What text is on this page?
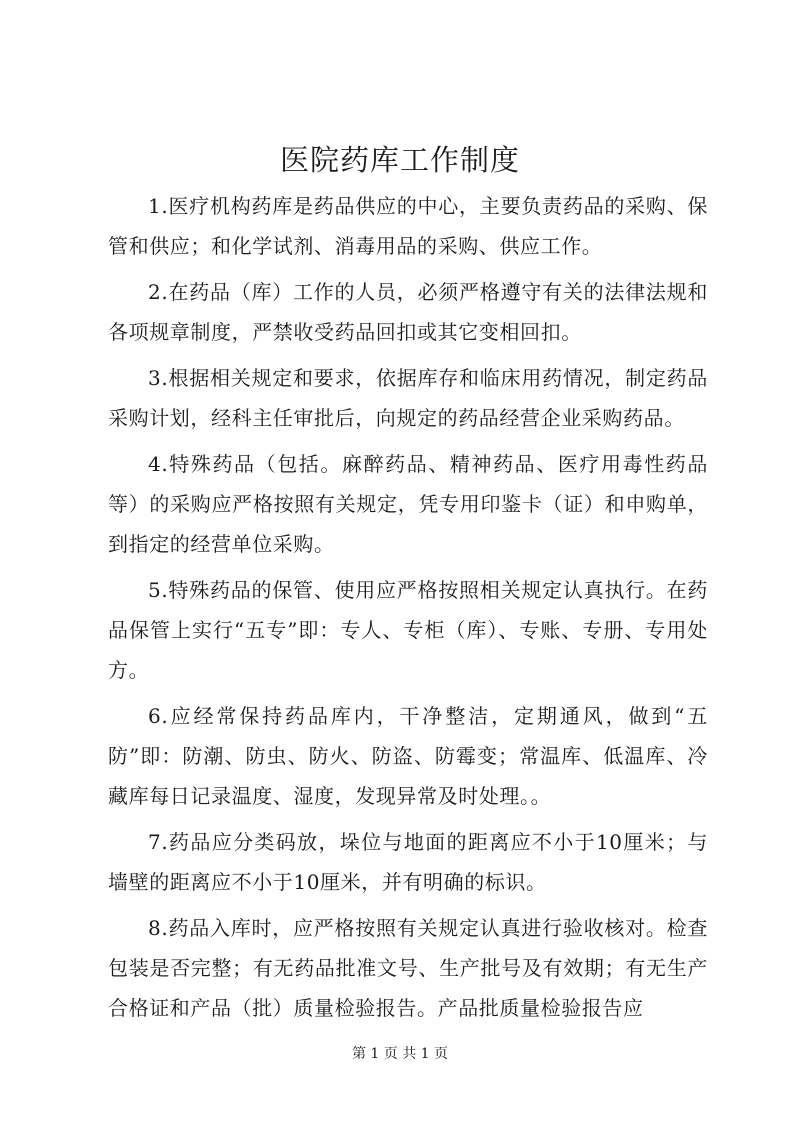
医院药库工作制度

1.医疗机构药库是药品供应的中心，主要负责药品的采购、保管和供应；和化学试剂、消毒用品的采购、供应工作。

2.在药品（库）工作的人员，必须严格遵守有关的法律法规和各项规章制度，严禁收受药品回扣或其它变相回扣。

3.根据相关规定和要求，依据库存和临床用药情况，制定药品采购计划，经科主任审批后，向规定的药品经营企业采购药品。

4.特殊药品（包括。麻醉药品、精神药品、医疗用毒性药品等）的采购应严格按照有关规定，凭专用印鉴卡（证）和申购单，到指定的经营单位采购。

5.特殊药品的保管、使用应严格按照相关规定认真执行。在药品保管上实行“五专”即：专人、专柜（库）、专账、专册、专用处方。

6.应经常保持药品库内，干净整洁，定期通风，做到“五防”即：防潮、防虫、防火、防盗、防霉变；常温库、低温库、冷藏库每日记录温度、湿度，发现异常及时处理。。

7.药品应分类码放，垛位与地面的距离应不小于10厘米；与墙壁的距离应不小于10厘米，并有明确的标识。

8.药品入库时，应严格按照有关规定认真进行验收核对。检查包装是否完整；有无药品批准文号、生产批号及有效期；有无生产合格证和产品（批）质量检验报告。产品批质量检验报告应

第 1 页 共 1 页
